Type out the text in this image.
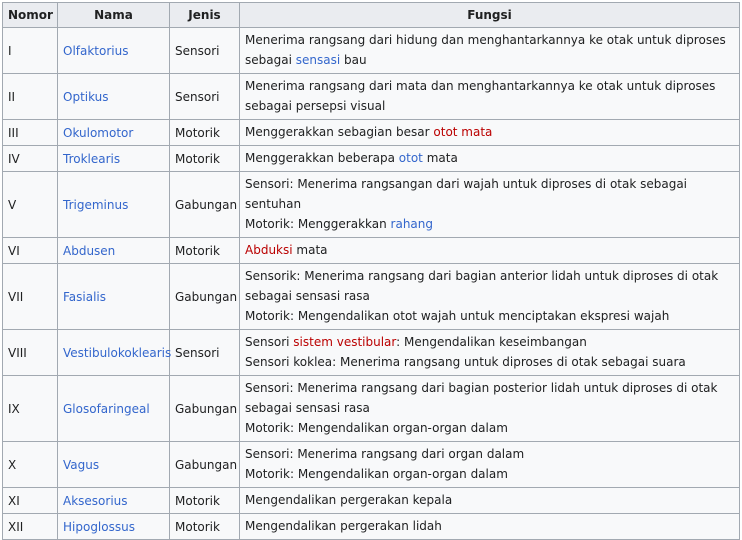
Nomor	Nama	Jenis	Fungsi
I	Olfaktorius	Sensori	Menerima rangsang dari hidung dan menghantarkannya ke otak untuk diproses sebagai sensasi bau
II	Optikus	Sensori	Menerima rangsang dari mata dan menghantarkannya ke otak untuk diproses sebagai persepsi visual
III	Okulomotor	Motorik	Menggerakkan sebagian besar otot mata
IV	Troklearis	Motorik	Menggerakkan beberapa otot mata
V	Trigeminus	Gabungan	Sensori: Menerima rangsangan dari wajah untuk diproses di otak sebagai sentuhan
Motorik: Menggerakkan rahang

VI	Abdusen	Motorik	Abduksi mata
VII	Fasialis	Gabungan	Sensorik: Menerima rangsang dari bagian anterior lidah untuk diproses di otak sebagai sensasi rasa
Motorik: Mengendalikan otot wajah untuk menciptakan ekspresi wajah

VIII	Vestibulokoklearis	Sensori	Sensori sistem vestibular: Mengendalikan keseimbangan
Sensori koklea: Menerima rangsang untuk diproses di otak sebagai suara

IX	Glosofaringeal	Gabungan	Sensori: Menerima rangsang dari bagian posterior lidah untuk diproses di otak sebagai sensasi rasa
Motorik: Mengendalikan organ-organ dalam

X	Vagus	Gabungan	Sensori: Menerima rangsang dari organ dalam
Motorik: Mengendalikan organ-organ dalam

XI	Aksesorius	Motorik	Mengendalikan pergerakan kepala
XII	Hipoglossus	Motorik	Mengendalikan pergerakan lidah
